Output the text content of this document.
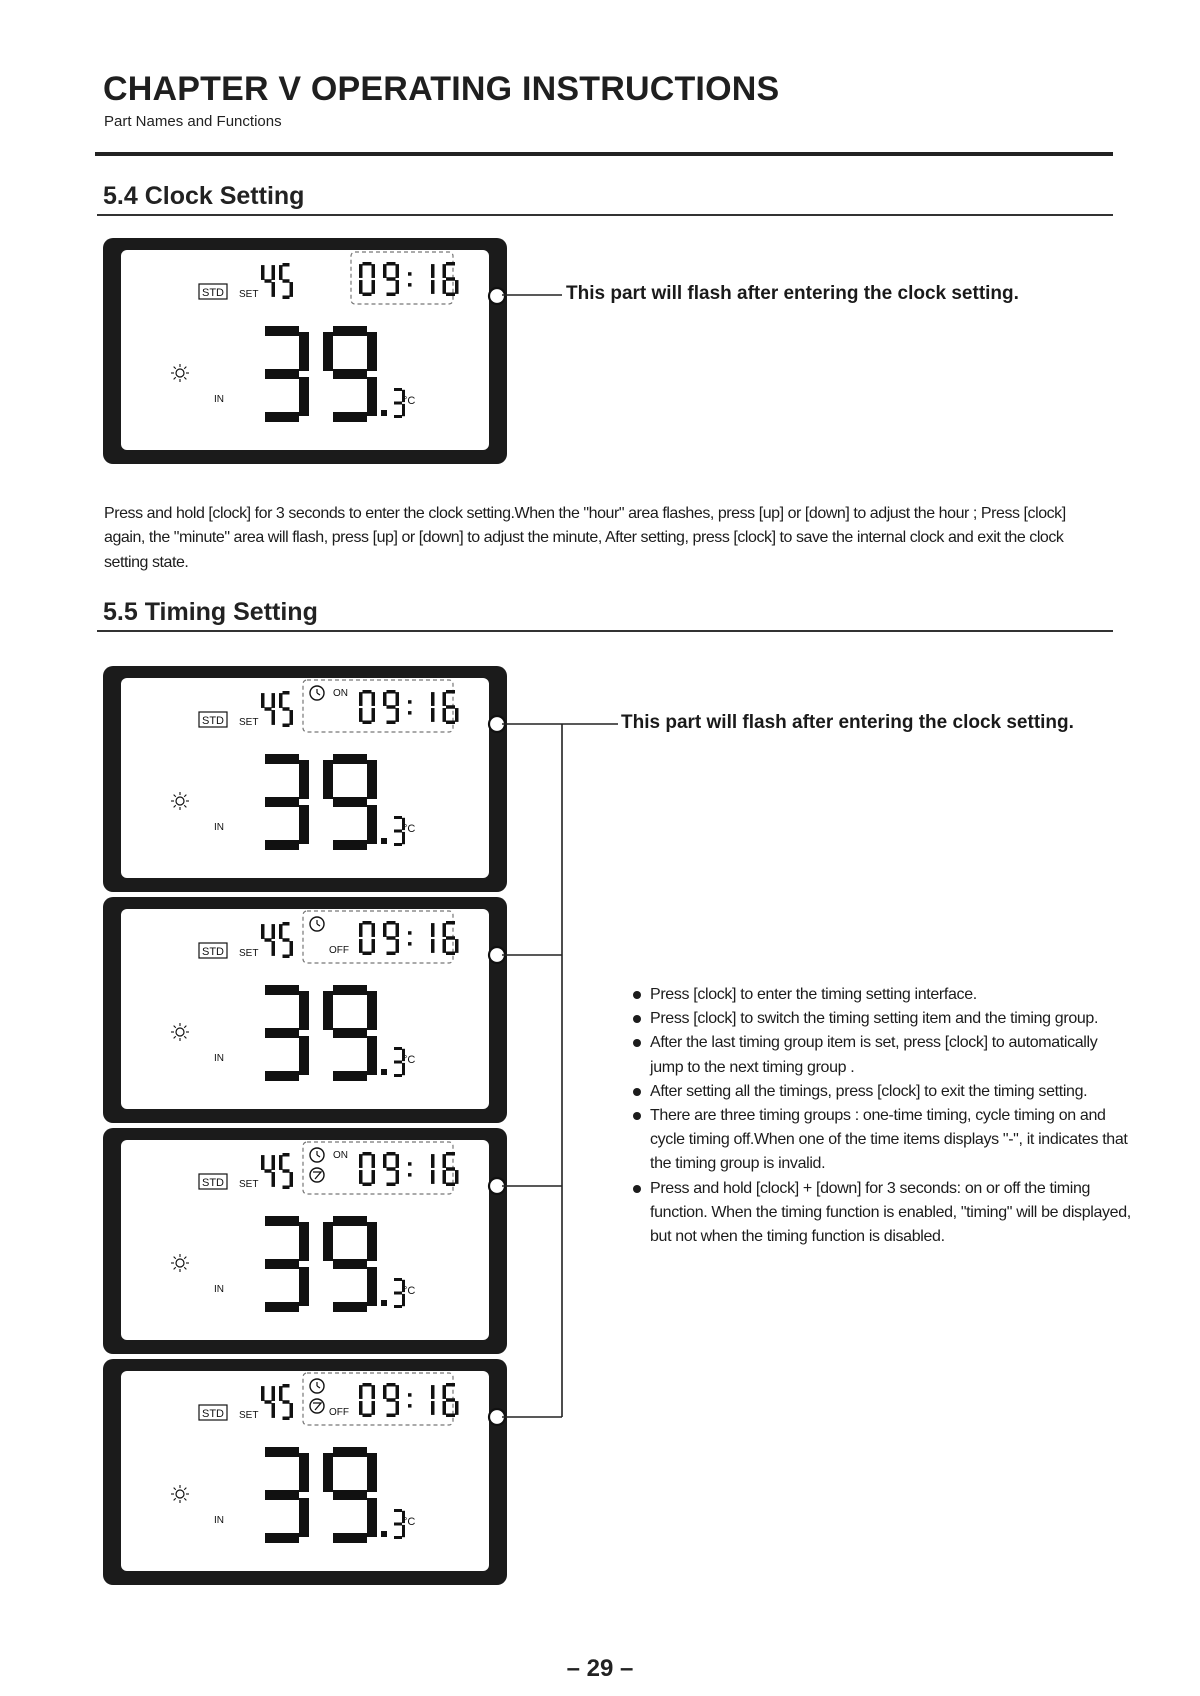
CHAPTER V OPERATING INSTRUCTIONS
Part Names and Functions
5.4 Clock Setting
STD SET
IN	°C
This part will flash after entering the clock setting.

Press and hold [clock] for 3 seconds to enter the clock setting.When the "hour" area flashes, press [up] or [down] to adjust the hour ; Press [clock] again, the "minute" area will flash, press [up] or [down] to adjust the minute, After setting, press [clock] to save the internal clock and exit the clock setting state.

5.5 Timing Setting
STD SET
ON
IN	°C
STD SET	OFF
IN	°C
STD SET
ON
IN	°C
STD SET	OFF
IN	°C
This part will flash after entering the clock setting.
Press [clock] to enter the timing setting interface.
Press [clock] to switch the timing setting item and the timing group.
After the last timing group item is set, press [clock] to automatically jump to the next timing group .
After setting all the timings, press [clock] to exit the timing setting.
There are three timing groups : one-time timing, cycle timing on and cycle timing off.When one of the time items displays "-", it indicates that the timing group is invalid.
Press and hold [clock] + [down] for 3 seconds: on or off the timing function. When the timing function is enabled, "timing" will be displayed, but not when the timing function is disabled.
– 29 –
